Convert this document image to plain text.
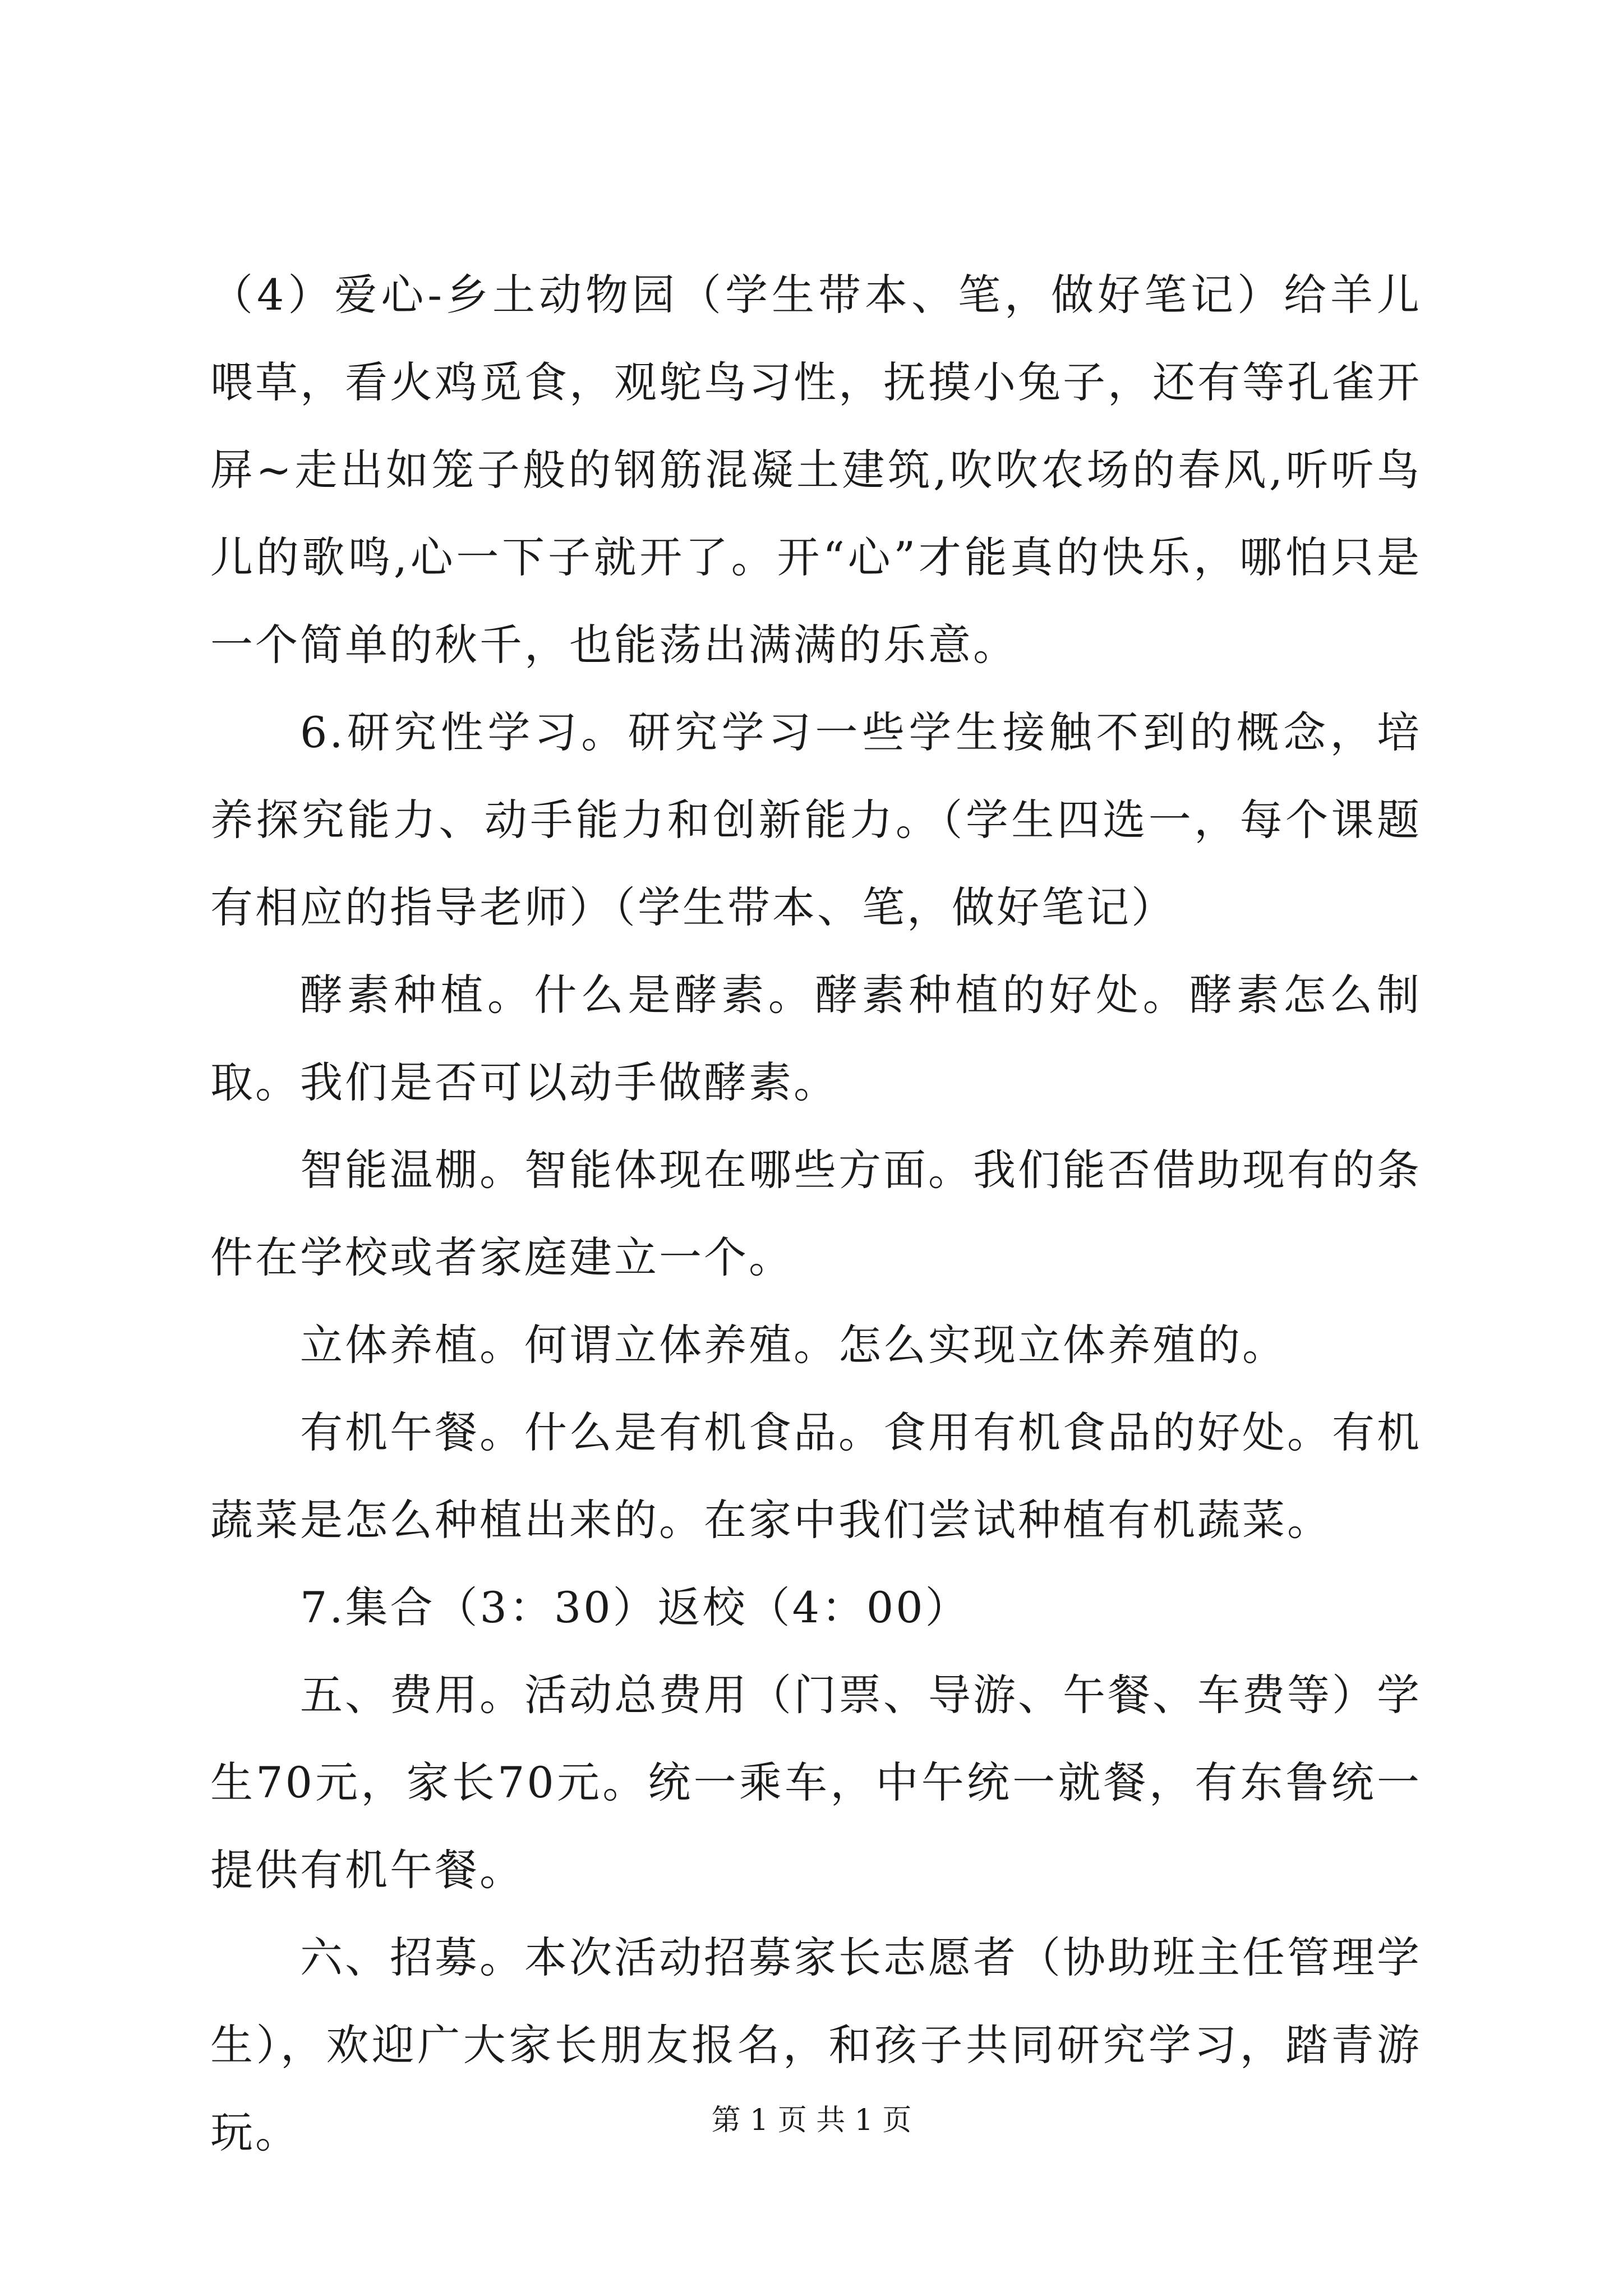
（4）爱心-乡土动物园（学生带本、笔，做好笔记）给羊儿喂草，看火鸡觅食，观鸵鸟习性，抚摸小兔子，还有等孔雀开屏~走出如笼子般的钢筋混凝土建筑,吹吹农场的春风,听听鸟儿的歌鸣,心一下子就开了。开“心”才能真的快乐，哪怕只是一个简单的秋千，也能荡出满满的乐意。

6.研究性学习。研究学习一些学生接触不到的概念，培养探究能力、动手能力和创新能力。（学生四选一，每个课题有相应的指导老师）（学生带本、笔，做好笔记）

酵素种植。什么是酵素。酵素种植的好处。酵素怎么制取。我们是否可以动手做酵素。

智能温棚。智能体现在哪些方面。我们能否借助现有的条件在学校或者家庭建立一个。

立体养植。何谓立体养殖。怎么实现立体养殖的。

有机午餐。什么是有机食品。食用有机食品的好处。有机蔬菜是怎么种植出来的。在家中我们尝试种植有机蔬菜。

7.集合（3：30）返校（4：00）

五、费用。活动总费用（门票、导游、午餐、车费等）学生70元，家长70元。统一乘车，中午统一就餐，有东鲁统一提供有机午餐。

六、招募。本次活动招募家长志愿者（协助班主任管理学生），欢迎广大家长朋友报名，和孩子共同研究学习，踏青游玩。	第 1 页 共 1 页
